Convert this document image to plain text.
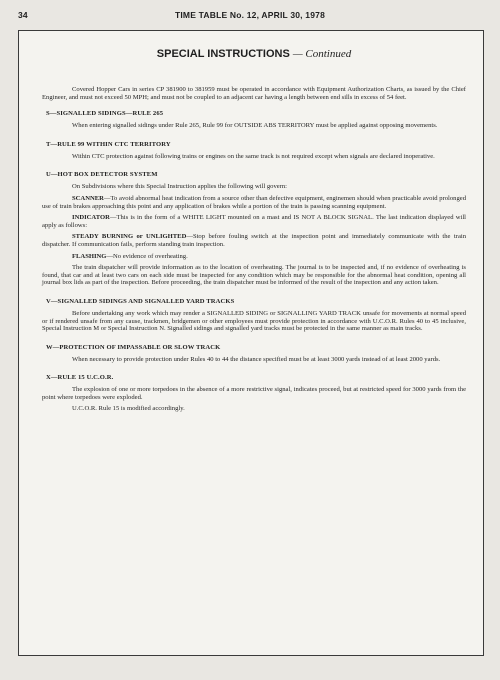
34	TIME TABLE No. 12, APRIL 30, 1978
SPECIAL INSTRUCTIONS — Continued

Covered Hopper Cars in series CP 381900 to 381959 must be operated in accordance with Equipment Authorization Charts, as issued by the Chief Engineer, and must not exceed 50 MPH; and must not be coupled to an adjacent car having a length between end sills in excess of 54 feet.

S—SIGNALLED SIDINGS—RULE 265

When entering signalled sidings under Rule 265, Rule 99 for OUTSIDE ABS TERRITORY must be applied against opposing movements.

T—RULE 99 WITHIN CTC TERRITORY

Within CTC protection against following trains or engines on the same track is not required except when signals are declared inoperative.

U—HOT BOX DETECTOR SYSTEM

On Subdivisions where this Special Instruction applies the following will govern:

SCANNER—To avoid abnormal heat indication from a source other than defective equipment, enginemen should when practicable avoid prolonged use of train brakes approaching this point and any application of brakes while a portion of the train is passing scanning equipment.

INDICATOR—This is in the form of a WHITE LIGHT mounted on a mast and IS NOT A BLOCK SIGNAL. The last indication displayed will apply as follows:

STEADY BURNING or UNLIGHTED—Stop before fouling switch at the inspection point and immediately communicate with the train dispatcher. If communication fails, perform standing train inspection.

FLASHING—No evidence of overheating.

The train dispatcher will provide information as to the location of overheating. The journal is to be inspected and, if no evidence of overheating is found, that car and at least two cars on each side must be inspected for any condition which may be responsible for the abnormal heat condition, opening all journal box lids as part of the inspection. Before proceeding, the train dispatcher must be informed of the result of the inspection and any action taken.

V—SIGNALLED SIDINGS AND SIGNALLED YARD TRACKS

Before undertaking any work which may render a SIGNALLED SIDING or SIGNALLING YARD TRACK unsafe for movements at normal speed or if rendered unsafe from any cause, trackmen, bridgemen or other employees must provide protection in accordance with U.C.O.R. Rules 40 to 45 inclusive, Special Instruction M or Special Instruction N. Signalled sidings and signalled yard tracks must be protected in the same manner as main tracks.

W—PROTECTION OF IMPASSABLE OR SLOW TRACK

When necessary to provide protection under Rules 40 to 44 the distance specified must be at least 3000 yards instead of at least 2000 yards.

X—RULE 15 U.C.O.R.

The explosion of one or more torpedoes in the absence of a more restrictive signal, indicates proceed, but at restricted speed for 3000 yards from the point where torpedoes were exploded.

U.C.O.R. Rule 15 is modified accordingly.
